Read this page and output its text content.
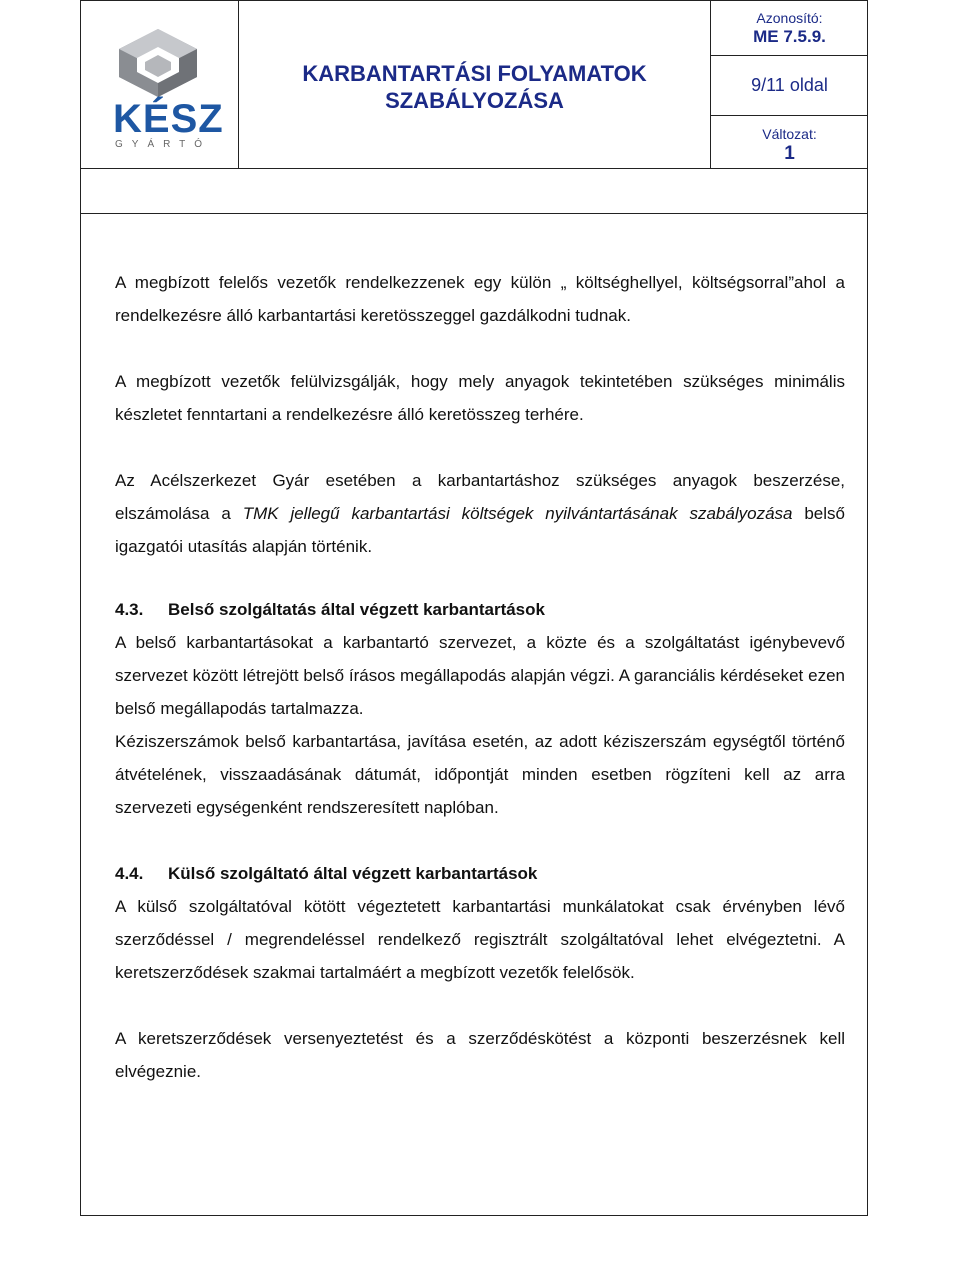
KÉSZ
GYÁRTÓ
KARBANTARTÁSI FOLYAMATOK
SZABÁLYOZÁSA
Azonosító:
ME 7.5.9.
9/11 oldal
Változat:
1

A megbízott felelős vezetők rendelkezzenek egy külön „ költséghellyel, költségsorral”ahol a rendelkezésre álló karbantartási keretösszeggel gazdálkodni tudnak.

A megbízott vezetők felülvizsgálják, hogy mely anyagok tekintetében szükséges minimális készletet fenntartani a rendelkezésre álló keretösszeg terhére.

Az Acélszerkezet Gyár esetében a karbantartáshoz szükséges anyagok beszerzése, elszámolása a TMK jellegű karbantartási költségek nyilvántartásának szabályozása belső igazgatói utasítás alapján történik.

4.3. Belső szolgáltatás által végzett karbantartások

A belső karbantartásokat a karbantartó szervezet, a közte és a szolgáltatást igénybevevő szervezet között létrejött belső írásos megállapodás alapján végzi. A garanciális kérdéseket ezen belső megállapodás tartalmazza.

Kéziszerszámok belső karbantartása, javítása esetén, az adott kéziszerszám egységtől történő átvételének, visszaadásának dátumát, időpontját minden esetben rögzíteni kell az arra szervezeti egységenként rendszeresített naplóban.

4.4. Külső szolgáltató által végzett karbantartások

A külső szolgáltatóval kötött végeztetett karbantartási munkálatokat csak érvényben lévő szerződéssel / megrendeléssel rendelkező regisztrált szolgáltatóval lehet elvégeztetni. A keretszerződések szakmai tartalmáért a megbízott vezetők felelősök.

A keretszerződések versenyeztetést és a szerződéskötést a központi beszerzésnek kell elvégeznie.
